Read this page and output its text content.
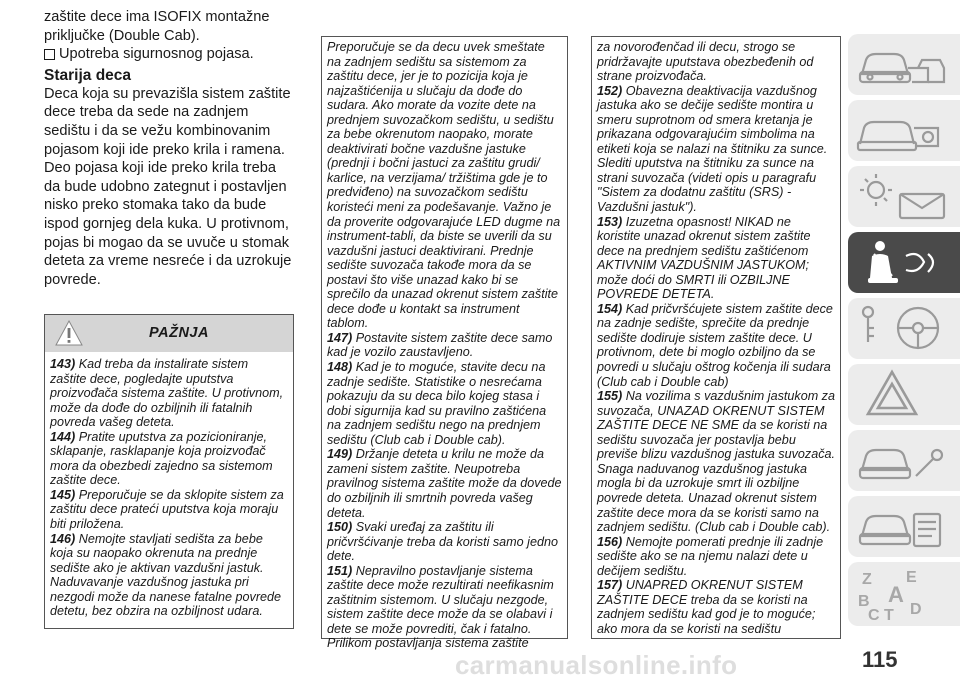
zaštite dece ima ISOFIX montažne

priključke (Double Cab).

Upotreba sigurnosnog pojasa.

Starija deca

Deca koja su prevazišla sistem zaštite dece treba da sede na zadnjem sedištu i da se vežu kombinovanim pojasom koji ide preko krila i ramena. Deo pojasa koji ide preko krila treba da bude udobno zategnut i postavljen nisko preko stomaka tako da bude ispod gornjeg dela kuka. U protivnom, pojas bi mogao da se uvuče u stomak deteta za vreme nesreće i da uzrokuje povrede.

PAŽNJA

143) Kad treba da instalirate sistem zaštite dece, pogledajte uputstva proizvođača sistema zaštite. U protivnom, može da dođe do ozbiljnih ili fatalnih povreda vašeg deteta.

144) Pratite uputstva za pozicioniranje, sklapanje, rasklapanje koja proizvođač mora da obezbedi zajedno sa sistemom zaštite dece.

145) Preporučuje se da sklopite sistem za zaštitu dece prateći uputstva koja moraju biti priložena.

146) Nemojte stavljati sedišta za bebe koja su naopako okrenuta na prednje sedište ako je aktivan vazdušni jastuk. Naduvavanje vazdušnog jastuka pri nezgodi može da nanese fatalne povrede detetu, bez obzira na ozbiljnost udara.

Preporučuje se da decu uvek smeštate na zadnjem sedištu sa sistemom za zaštitu dece, jer je to pozicija koja je najzaštićenija u slučaju da dođe do sudara. Ako morate da vozite dete na prednjem suvozačkom sedištu, u sedištu za bebe okrenutom naopako, morate deaktivirati bočne vazdušne jastuke (prednji i bočni jastuci za zaštitu grudi/ karlice, na verzijama/ tržištima gde je to predviđeno) na suvozačkom sedištu koristeći meni za podešavanje. Važno je da proverite odgovarajuće LED dugme na instrument-tabli, da biste se uverili da su vazdušni jastuci deaktivirani. Prednje sedište suvozača takođe mora da se postavi što više unazad kako bi se sprečilo da unazad okrenut sistem zaštite dece dođe u kontakt sa instrument tablom.

147) Postavite sistem zaštite dece samo kad je vozilo zaustavljeno.

148) Kad je to moguće, stavite decu na zadnje sedište. Statistike o nesrećama pokazuju da su deca bilo kojeg stasa i dobi sigurnija kad su pravilno zaštićena na zadnjem sedištu nego na prednjem sedištu (Club cab i Double cab).

149) Držanje deteta u krilu ne može da zameni sistem zaštite. Neupotreba pravilnog sistema zaštite može da dovede do ozbiljnih ili smrtnih povreda vašeg deteta.

150) Svaki uređaj za zaštitu ili pričvršćivanje treba da koristi samo jedno dete.

151) Nepravilno postavljanje sistema zaštite dece može rezultirati neefikasnim zaštitnim sistemom. U slučaju nezgode, sistem zaštite dece može da se olabavi i dete se može povrediti, čak i fatalno. Prilikom postavljanja sistema zaštite

za novorođenčad ili decu, strogo se pridržavajte uputstava obezbeđenih od strane proizvođača.

152) Obavezna deaktivacija vazdušnog jastuka ako se dečije sedište montira u smeru suprotnom od smera kretanja je prikazana odgovarajućim simbolima na etiketi koja se nalazi na štitniku za sunce. Slediti uputstva na štitniku za sunce na strani suvozača (videti opis u paragrafu "Sistem za dodatnu zaštitu (SRS) - Vazdušni jastuk").

153) Izuzetna opasnost! NIKAD ne koristite unazad okrenut sistem zaštite dece na prednjem sedištu zaštićenom AKTIVNIM VAZDUŠNIM JASTUKOM; može doći do SMRTI ili OZBILJNE POVREDE DETETA.

154) Kad pričvršćujete sistem zaštite dece na zadnje sedište, sprečite da prednje sedište dodiruje sistem zaštite dece. U protivnom, dete bi moglo ozbiljno da se povredi u slučaju oštrog kočenja ili sudara (Club cab i Double cab)

155) Na vozilima s vazdušnim jastukom za suvozača, UNAZAD OKRENUT SISTEM ZAŠTITE DECE NE SME da se koristi na sedištu suvozača jer postavlja bebu previše blizu vazdušnog jastuka suvozača. Snaga naduvanog vazdušnog jastuka mogla bi da uzrokuje smrt ili ozbiljne povrede deteta. Unazad okrenut sistem zaštite dece mora da se koristi samo na zadnjem sedištu. (Club cab i Double cab).

156) Nemojte pomerati prednje ili zadnje sedište ako se na njemu nalazi dete u dečijem sedištu.

157) UNAPRED OKRENUT SISTEM ZAŠTITE DECE treba da se koristi na zadnjem sedištu kad god je to moguće; ako mora da se koristi na sedištu

Z E
B A
C T D
carmanualsonline.info	115
